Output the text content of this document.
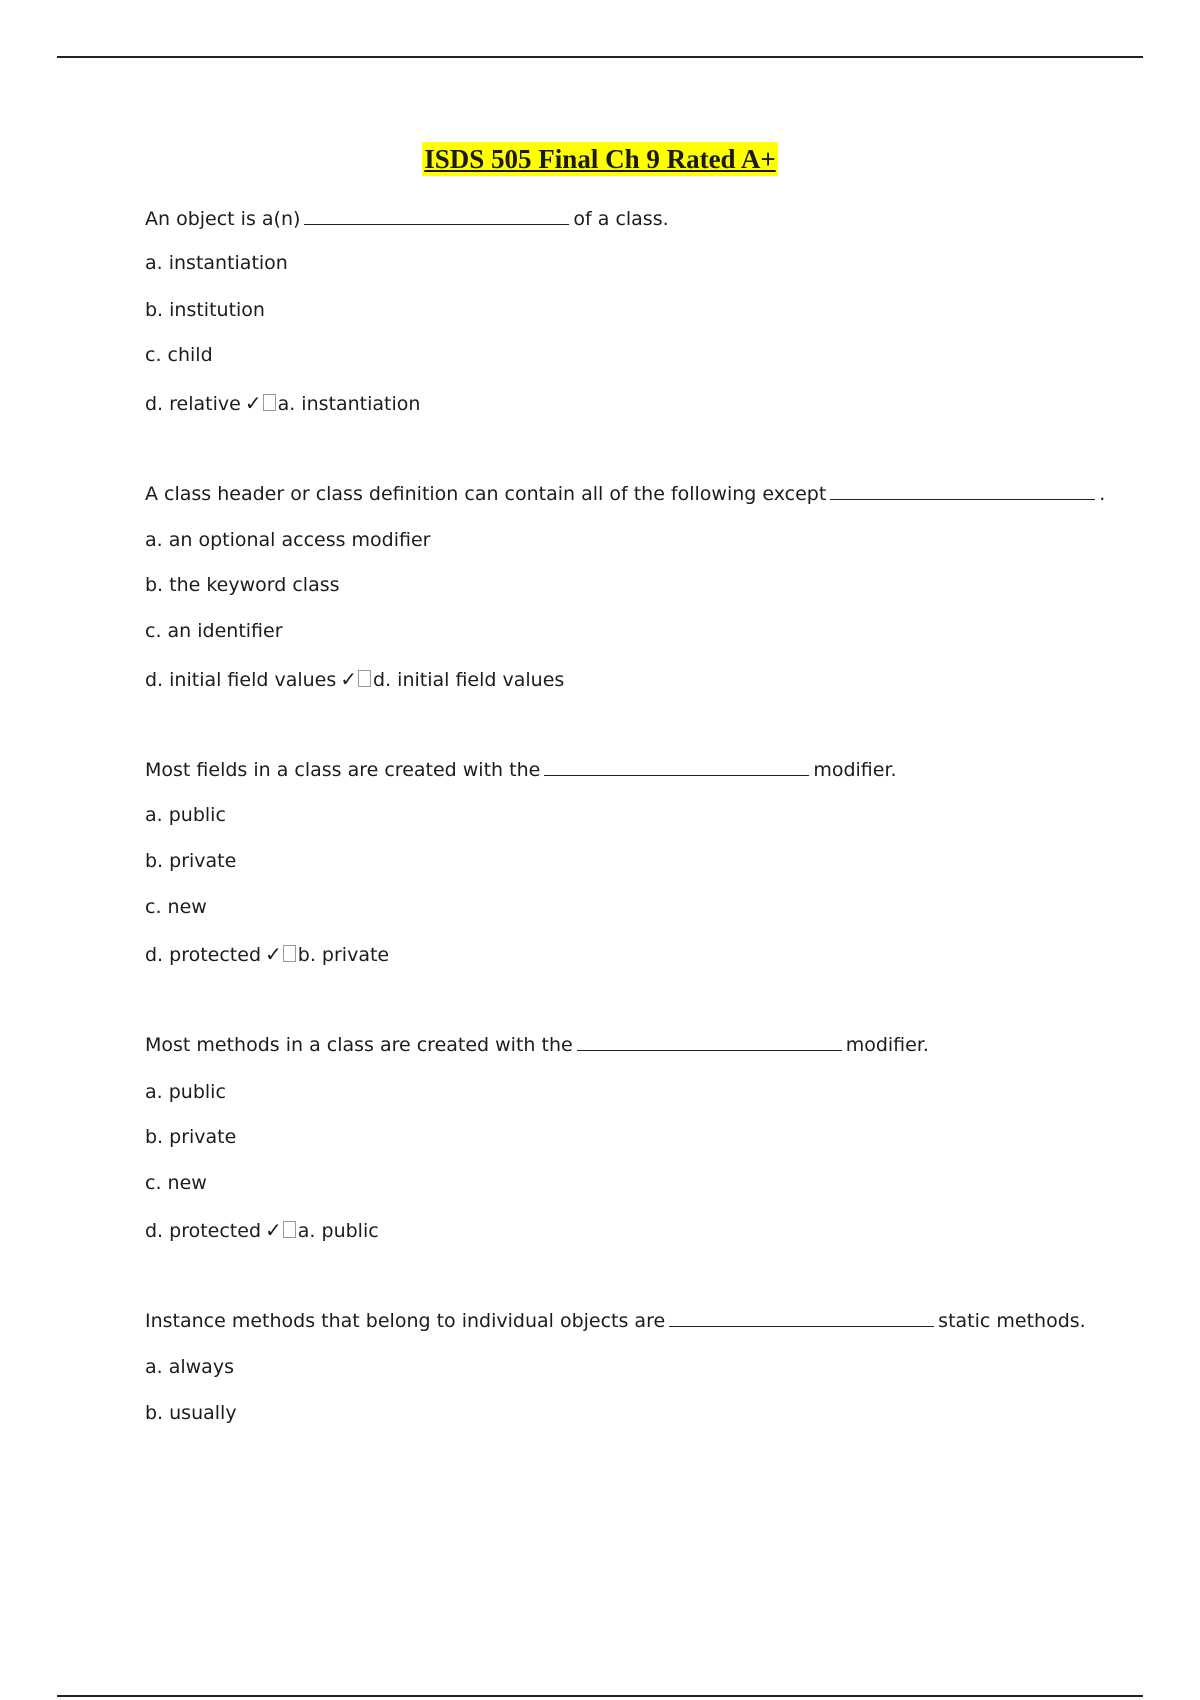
ISDS 505 Final Ch 9 Rated A+
An object is a(n)	of a class.
a. instantiation
b. institution
c. child
d. relative ✓ a. instantiation
A class header or class definition can contain all of the following except	.
a. an optional access modifier
b. the keyword class
c. an identifier
d. initial field values ✓ d. initial field values
Most fields in a class are created with the	modifier.
a. public
b. private
c. new
d. protected ✓ b. private
Most methods in a class are created with the	modifier.
a. public
b. private
c. new
d. protected ✓ a. public
Instance methods that belong to individual objects are	static methods.
a. always
b. usually
